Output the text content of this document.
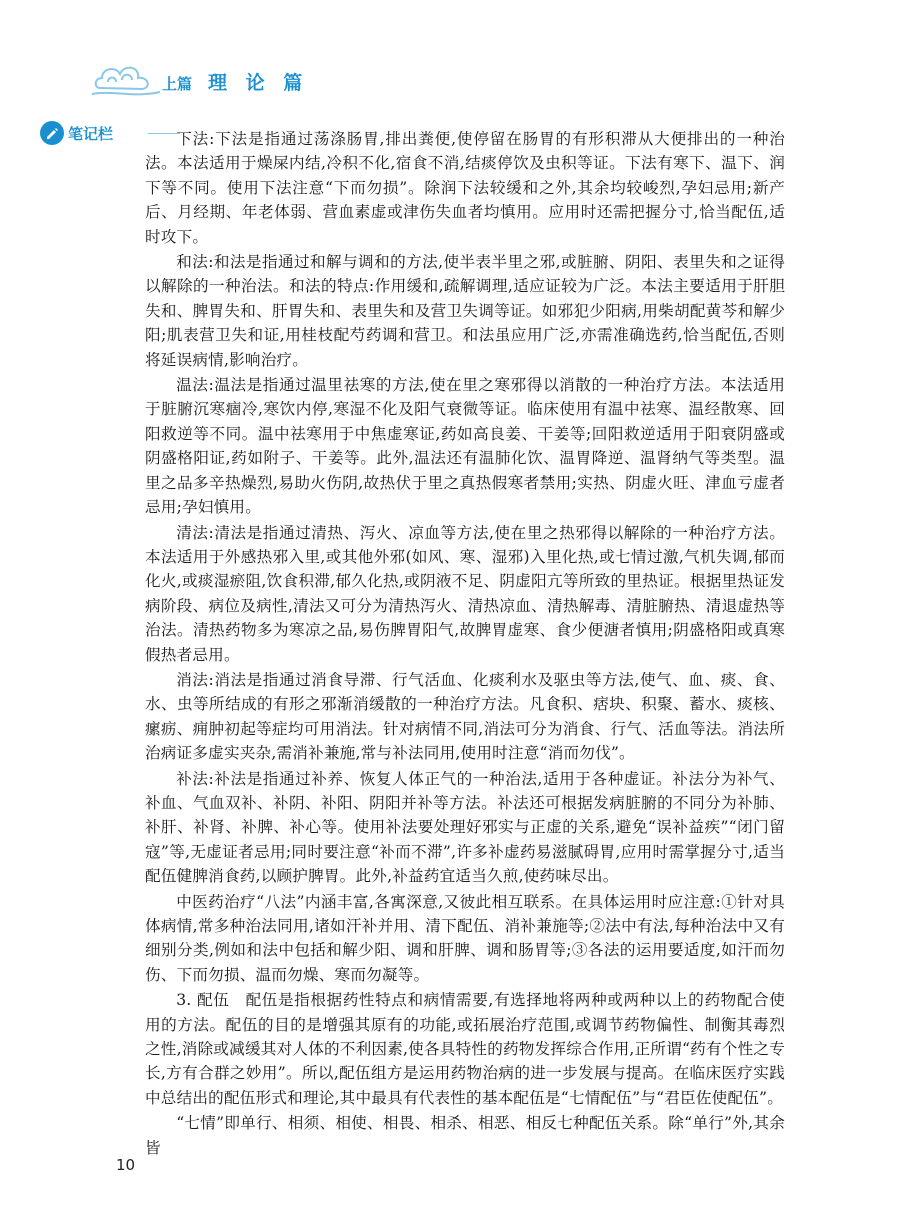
上篇 理 论 篇
笔记栏	下法:下法是指通过荡涤肠胃,排出粪便,使停留在肠胃的有形积滞从大便排出的一种治法。本法适用于燥屎内结,冷积不化,宿食不消,结痰停饮及虫积等证。下法有寒下、温下、润下等不同。使用下法注意“下而勿损”。除润下法较缓和之外,其余均较峻烈,孕妇忌用;新产后、月经期、年老体弱、营血素虚或津伤失血者均慎用。应用时还需把握分寸,恰当配伍,适时攻下。

和法:和法是指通过和解与调和的方法,使半表半里之邪,或脏腑、阴阳、表里失和之证得以解除的一种治法。和法的特点:作用缓和,疏解调理,适应证较为广泛。本法主要适用于肝胆失和、脾胃失和、肝胃失和、表里失和及营卫失调等证。如邪犯少阳病,用柴胡配黄芩和解少阳;肌表营卫失和证,用桂枝配芍药调和营卫。和法虽应用广泛,亦需准确选药,恰当配伍,否则将延误病情,影响治疗。

温法:温法是指通过温里祛寒的方法,使在里之寒邪得以消散的一种治疗方法。本法适用于脏腑沉寒痼冷,寒饮内停,寒湿不化及阳气衰微等证。临床使用有温中祛寒、温经散寒、回阳救逆等不同。温中祛寒用于中焦虚寒证,药如高良姜、干姜等;回阳救逆适用于阳衰阴盛或阴盛格阳证,药如附子、干姜等。此外,温法还有温肺化饮、温胃降逆、温肾纳气等类型。温里之品多辛热燥烈,易助火伤阴,故热伏于里之真热假寒者禁用;实热、阴虚火旺、津血亏虚者忌用;孕妇慎用。

清法:清法是指通过清热、泻火、凉血等方法,使在里之热邪得以解除的一种治疗方法。本法适用于外感热邪入里,或其他外邪(如风、寒、湿邪)入里化热,或七情过激,气机失调,郁而化火,或痰湿瘀阻,饮食积滞,郁久化热,或阴液不足、阴虚阳亢等所致的里热证。根据里热证发病阶段、病位及病性,清法又可分为清热泻火、清热凉血、清热解毒、清脏腑热、清退虚热等治法。清热药物多为寒凉之品,易伤脾胃阳气,故脾胃虚寒、食少便溏者慎用;阴盛格阳或真寒假热者忌用。

消法:消法是指通过消食导滞、行气活血、化痰利水及驱虫等方法,使气、血、痰、食、水、虫等所结成的有形之邪渐消缓散的一种治疗方法。凡食积、痞块、积聚、蓄水、痰核、瘰疬、痈肿初起等症均可用消法。针对病情不同,消法可分为消食、行气、活血等法。消法所治病证多虚实夹杂,需消补兼施,常与补法同用,使用时注意“消而勿伐”。

补法:补法是指通过补养、恢复人体正气的一种治法,适用于各种虚证。补法分为补气、补血、气血双补、补阴、补阳、阴阳并补等方法。补法还可根据发病脏腑的不同分为补肺、补肝、补肾、补脾、补心等。使用补法要处理好邪实与正虚的关系,避免“误补益疾”“闭门留寇”等,无虚证者忌用;同时要注意“补而不滞”,许多补虚药易滋腻碍胃,应用时需掌握分寸,适当配伍健脾消食药,以顾护脾胃。此外,补益药宜适当久煎,使药味尽出。

中医药治疗“八法”内涵丰富,各寓深意,又彼此相互联系。在具体运用时应注意:①针对具体病情,常多种治法同用,诸如汗补并用、清下配伍、消补兼施等;②法中有法,每种治法中又有细别分类,例如和法中包括和解少阳、调和肝脾、调和肠胃等;③各法的运用要适度,如汗而勿伤、下而勿损、温而勿燥、寒而勿凝等。

3. 配伍　配伍是指根据药性特点和病情需要,有选择地将两种或两种以上的药物配合使用的方法。配伍的目的是增强其原有的功能,或拓展治疗范围,或调节药物偏性、制衡其毒烈之性,消除或减缓其对人体的不利因素,使各具特性的药物发挥综合作用,正所谓“药有个性之专长,方有合群之妙用”。所以,配伍组方是运用药物治病的进一步发展与提高。在临床医疗实践中总结出的配伍形式和理论,其中最具有代表性的基本配伍是“七情配伍”与“君臣佐使配伍”。

“七情”即单行、相须、相使、相畏、相杀、相恶、相反七种配伍关系。除“单行”外,其余皆

10
